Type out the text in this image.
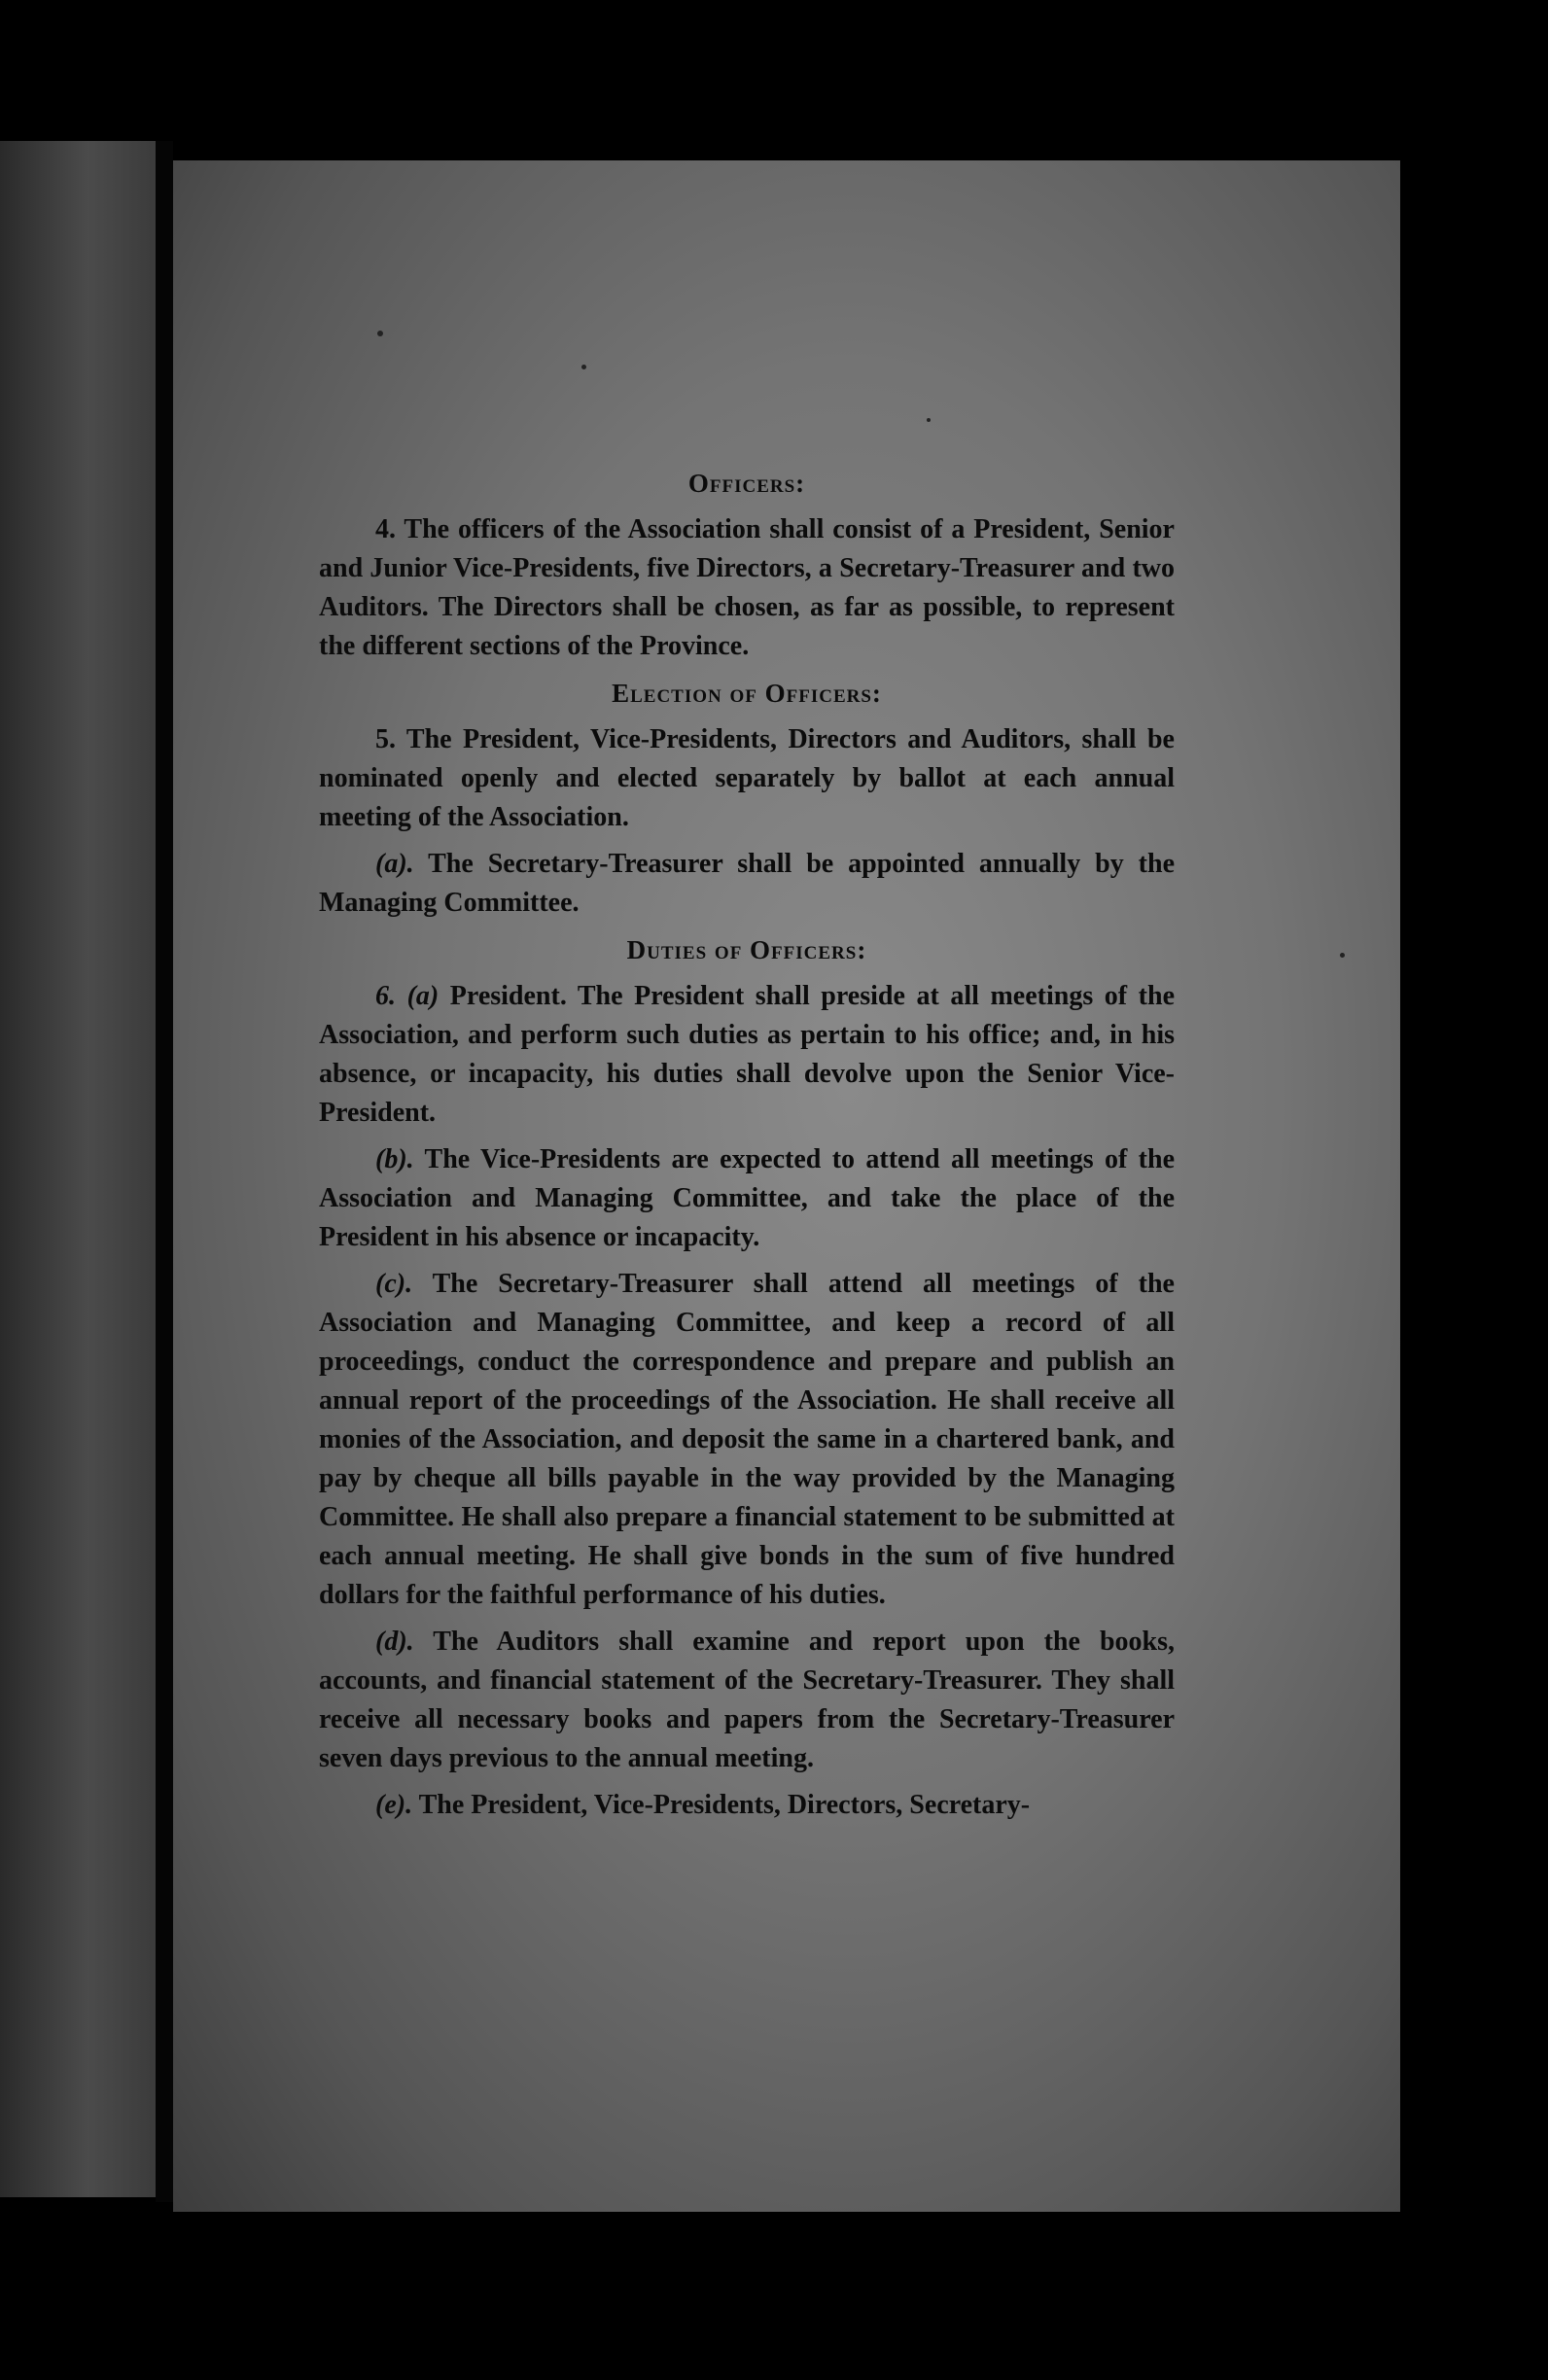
Officers:

4. The officers of the Association shall consist of a President, Senior and Junior Vice-Presidents, five Directors, a Secretary-Treasurer and two Auditors. The Directors shall be chosen, as far as possible, to represent the different sections of the Province.

Election of Officers:

5. The President, Vice-Presidents, Directors and Auditors, shall be nominated openly and elected separately by ballot at each annual meeting of the Association.

(a). The Secretary-Treasurer shall be appointed annually by the Managing Committee.

Duties of Officers:

6. (a) President. The President shall preside at all meetings of the Association, and perform such duties as pertain to his office; and, in his absence, or incapacity, his duties shall devolve upon the Senior Vice-President.

(b). The Vice-Presidents are expected to attend all meetings of the Association and Managing Committee, and take the place of the President in his absence or incapacity.

(c). The Secretary-Treasurer shall attend all meetings of the Association and Managing Committee, and keep a record of all proceedings, conduct the correspondence and prepare and publish an annual report of the proceedings of the Association. He shall receive all monies of the Association, and deposit the same in a chartered bank, and pay by cheque all bills payable in the way provided by the Managing Committee. He shall also prepare a financial statement to be submitted at each annual meeting. He shall give bonds in the sum of five hundred dollars for the faithful performance of his duties.

(d). The Auditors shall examine and report upon the books, accounts, and financial statement of the Secretary-Treasurer. They shall receive all necessary books and papers from the Secretary-Treasurer seven days previous to the annual meeting.

(e). The President, Vice-Presidents, Directors, Secretary-
